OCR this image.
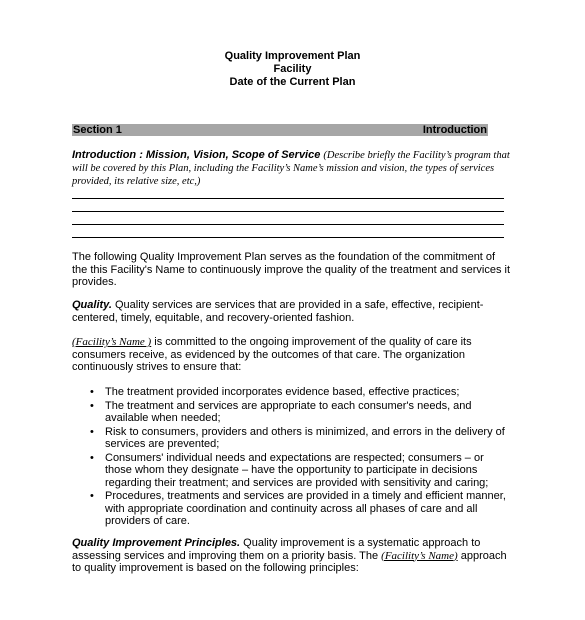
Quality Improvement Plan
Facility
Date of the Current Plan
Section 1	Introduction
Introduction : Mission, Vision, Scope of Service (Describe briefly the Facility’s program that will be covered by this Plan, including the Facility’s Name’s mission and vision, the types of services provided, its relative size, etc,)
The following Quality Improvement Plan serves as the foundation of the commitment of the this Facility's Name to continuously improve the quality of the treatment and services it provides.
Quality. Quality services are services that are provided in a safe, effective, recipient-centered, timely, equitable, and recovery-oriented fashion.
(Facility’s Name ) is committed to the ongoing improvement of the quality of care its consumers receive, as evidenced by the outcomes of that care. The organization continuously strives to ensure that:
• The treatment provided incorporates evidence based, effective practices;
• The treatment and services are appropriate to each consumer's needs, and available when needed;
• Risk to consumers, providers and others is minimized, and errors in the delivery of services are prevented;
• Consumers' individual needs and expectations are respected; consumers – or those whom they designate – have the opportunity to participate in decisions regarding their treatment; and services are provided with sensitivity and caring;
• Procedures, treatments and services are provided in a timely and efficient manner, with appropriate coordination and continuity across all phases of care and all providers of care.
Quality Improvement Principles. Quality improvement is a systematic approach to assessing services and improving them on a priority basis. The (Facility’s Name) approach to quality improvement is based on the following principles:
